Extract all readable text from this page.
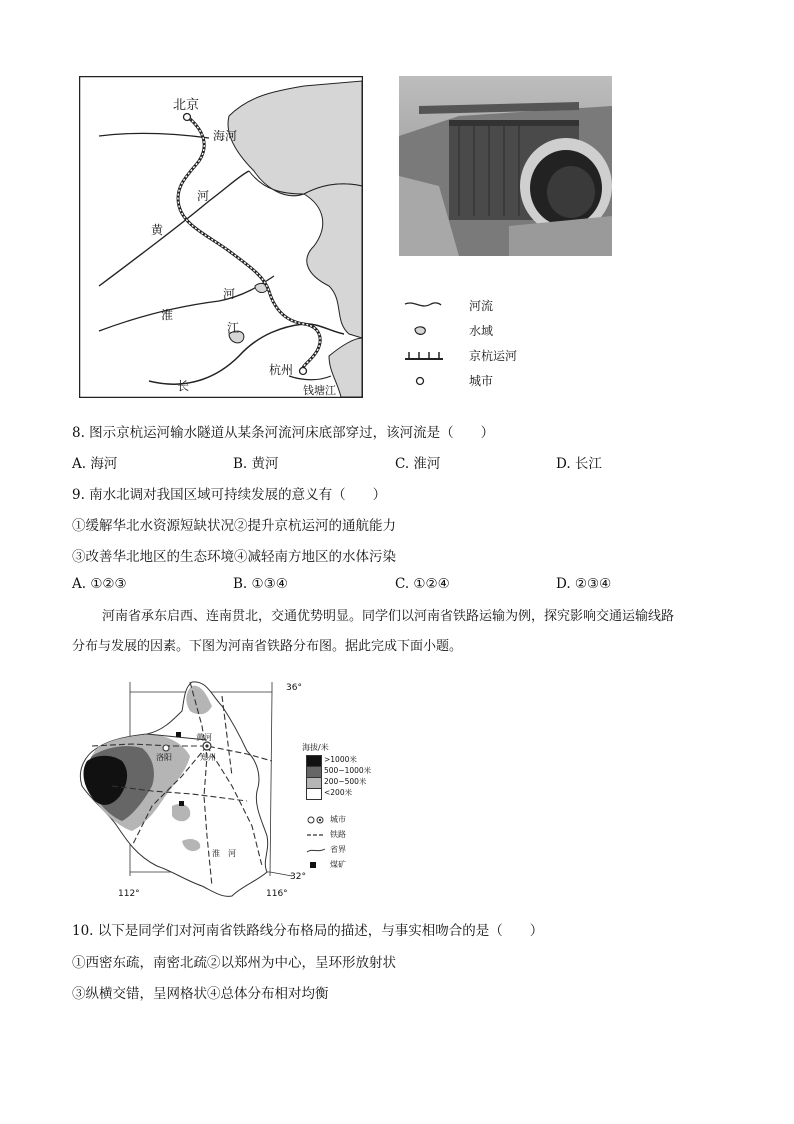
北京
海 河
河
黄
淮
河
江
长
杭州
钱塘江
河流
水域
京杭运河
城市
8. 图示京杭运河输水隧道从某条河流河床底部穿过，该河流是（　　）
A. 海河	B. 黄河	C. 淮河	D. 长江
9. 南水北调对我国区域可持续发展的意义有（　　）
①缓解华北水资源短缺状况②提升京杭运河的通航能力
③改善华北地区的生态环境④减轻南方地区的水体污染
A. ①②③	B. ①③④	C. ①②④	D. ②③④
河南省承东启西、连南贯北，交通优势明显。同学们以河南省铁路运输为例，探究影响交通运输线路
分布与发展的因素。下图为河南省铁路分布图。据此完成下面小题。
36°
32°
112°	116°
黄河
洛阳	郑州
淮　河
海拔/米
>1000米
500~1000米
200~500米
<200米
城市
铁路
省界
煤矿
10. 以下是同学们对河南省铁路线分布格局的描述，与事实相吻合的是（　　）
①西密东疏，南密北疏②以郑州为中心，呈环形放射状
③纵横交错，呈网格状④总体分布相对均衡
